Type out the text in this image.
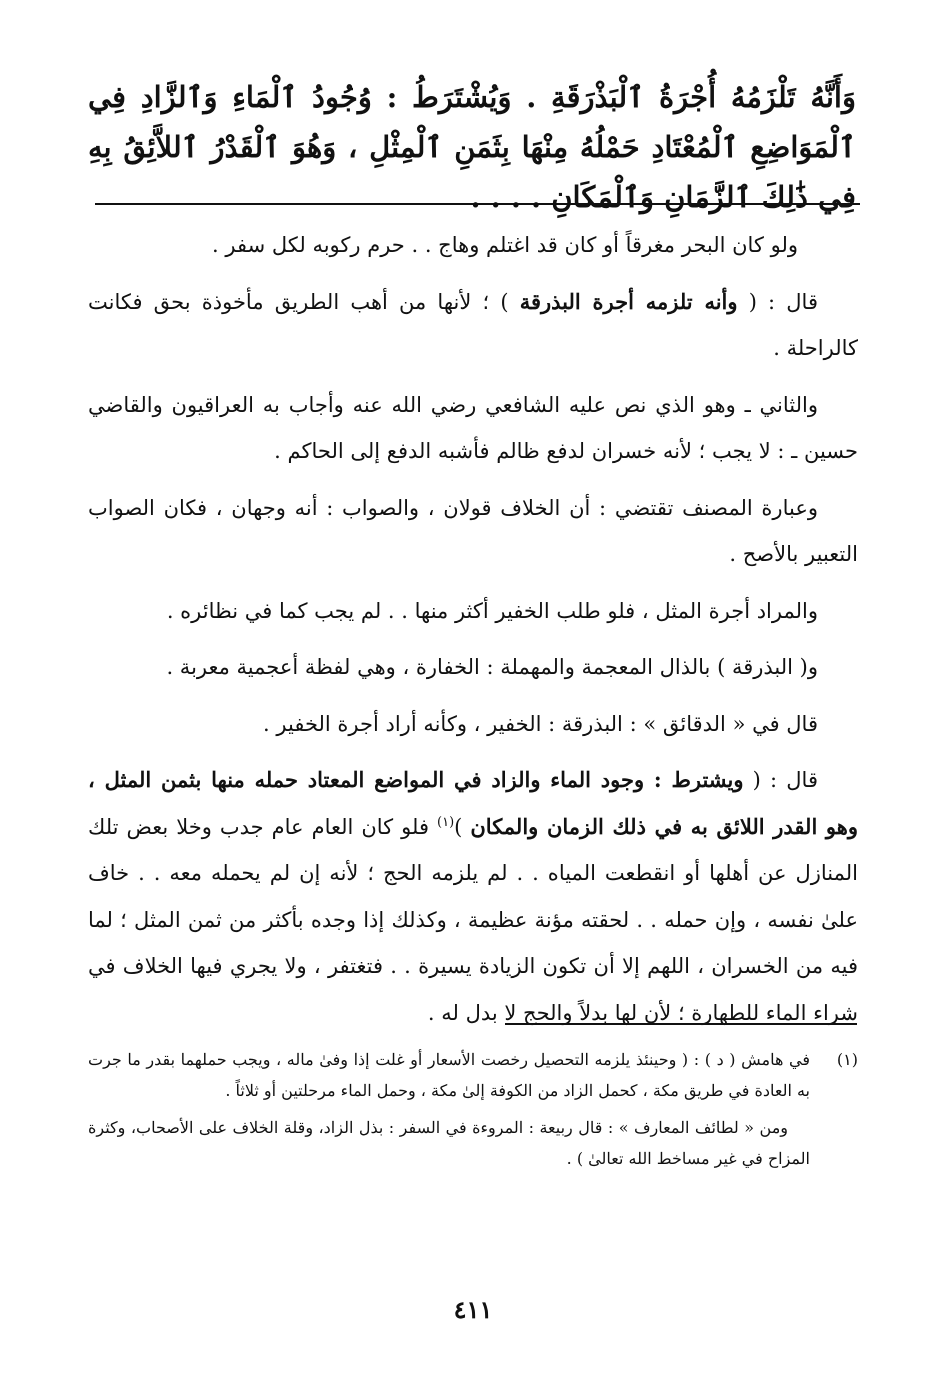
وَأَنَّهُ تَلْزَمُهُ أُجْرَةُ ٱلْبَذْرَقَةِ . وَيُشْتَرَطُ : وُجُودُ ٱلْمَاءِ وَٱلزَّادِ فِي ٱلْمَوَاضِعِ ٱلْمُعْتَادِ حَمْلُهُ مِنْهَا بِثَمَنِ ٱلْمِثْلِ ، وَهُوَ ٱلْقَدْرُ ٱللاَّئِقُ بِهِ فِي ذَٰلِكَ ٱلزَّمَانِ وَٱلْمَكَانِ . . . .

ولو كان البحر مغرقاً أو كان قد اغتلم وهاج . . حرم ركوبه لكل سفر .

قال : ( وأنه تلزمه أجرة البذرقة ) ؛ لأنها من أهب الطريق مأخوذة بحق فكانت كالراحلة .

والثاني ـ وهو الذي نص عليه الشافعي رضي الله عنه وأجاب به العراقيون والقاضي حسين ـ : لا يجب ؛ لأنه خسران لدفع ظالم فأشبه الدفع إلى الحاكم .

وعبارة المصنف تقتضي : أن الخلاف قولان ، والصواب : أنه وجهان ، فكان الصواب التعبير بالأصح .

والمراد أجرة المثل ، فلو طلب الخفير أكثر منها . . لم يجب كما في نظائره .

و( البذرقة ) بالذال المعجمة والمهملة : الخفارة ، وهي لفظة أعجمية معربة .

قال في « الدقائق » : البذرقة : الخفير ، وكأنه أراد أجرة الخفير .

قال : ( ويشترط : وجود الماء والزاد في المواضع المعتاد حمله منها بثمن المثل ، وهو القدر اللائق به في ذلك الزمان والمكان )$^{(١)}$ فلو كان العام عام جدب وخلا بعض تلك المنازل عن أهلها أو انقطعت المياه . . لم يلزمه الحج ؛ لأنه إن لم يحمله معه . . خاف علىٰ نفسه ، وإن حمله . . لحقته مؤنة عظيمة ، وكذلك إذا وجده بأكثر من ثمن المثل ؛ لما فيه من الخسران ، اللهم إلا أن تكون الزيادة يسيرة . . فتغتفر ، ولا يجري فيها الخلاف في شراء الماء للطهارة ؛ لأن لها بدلاً والحج لا بدل له .

(١)

في هامش ( د ) : ( وحينئذ يلزمه التحصيل رخصت الأسعار أو غلت إذا وفىٰ ماله ، ويجب حملهما بقدر ما جرت به العادة في طريق مكة ، كحمل الزاد من الكوفة إلىٰ مكة ، وحمل الماء مرحلتين أو ثلاثاً .

ومن « لطائف المعارف » : قال ربيعة : المروءة في السفر : بذل الزاد، وقلة الخلاف على الأصحاب، وكثرة المزاح في غير مساخط الله تعالىٰ ) .

٤١١
